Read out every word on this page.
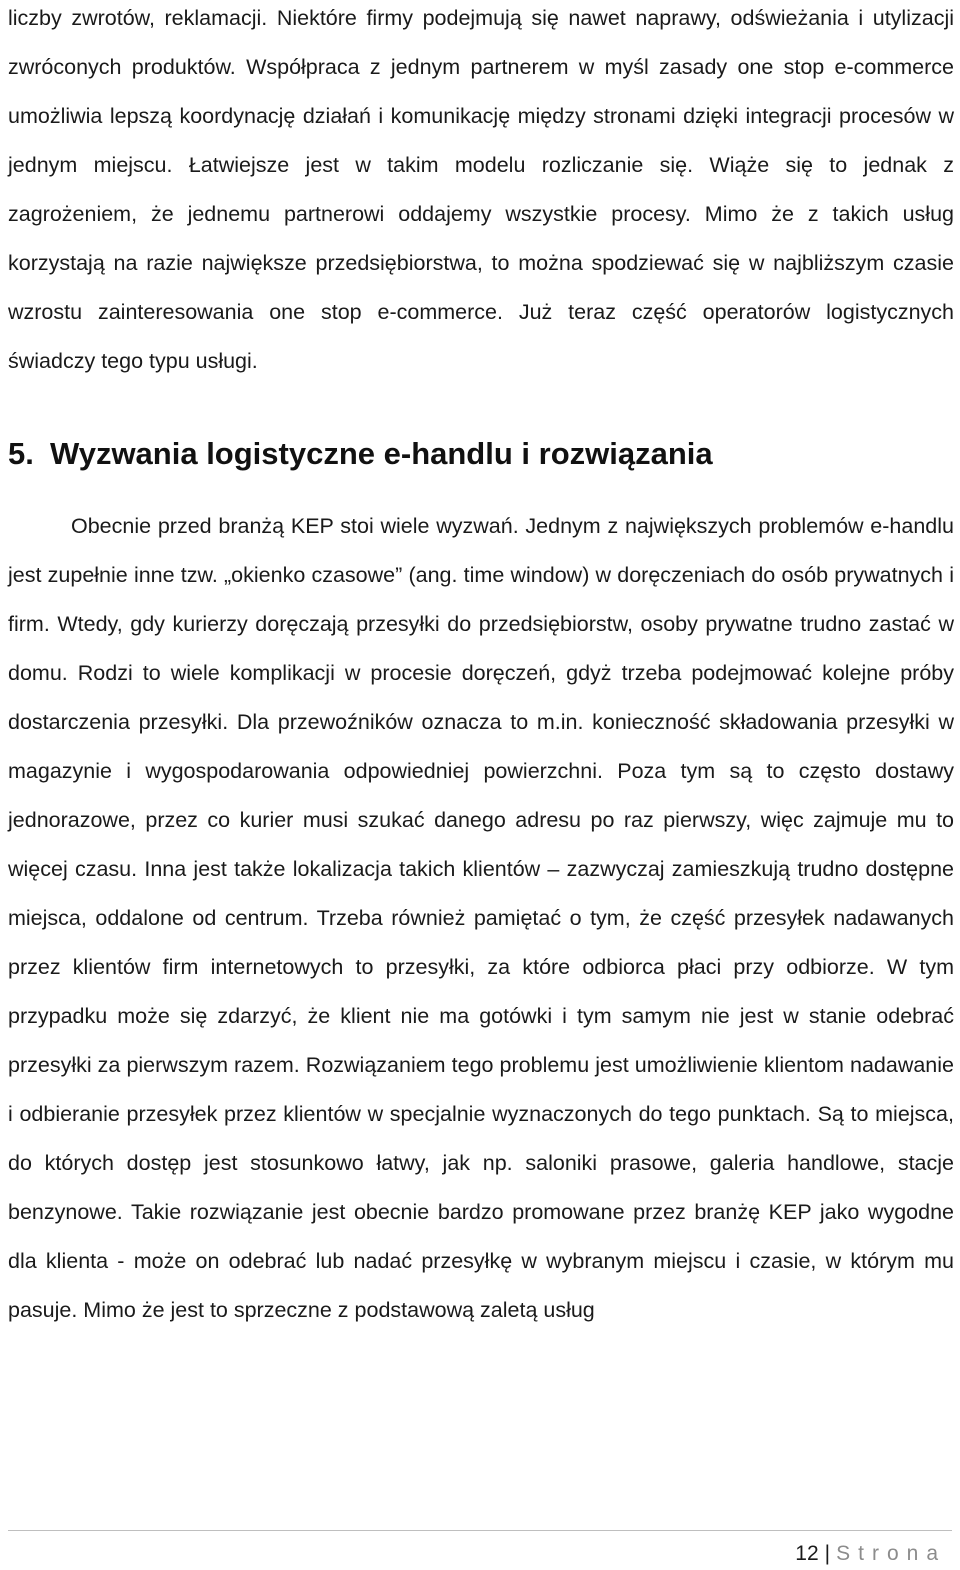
liczby zwrotów, reklamacji. Niektóre firmy podejmują się nawet naprawy, odświeżania i utylizacji zwróconych produktów. Współpraca z jednym partnerem w myśl zasady one stop e-commerce umożliwia lepszą koordynację działań i komunikację między stronami dzięki integracji procesów w jednym miejscu. Łatwiejsze jest w takim modelu rozliczanie się. Wiąże się to jednak z zagrożeniem, że jednemu partnerowi oddajemy wszystkie procesy. Mimo że z takich usług korzystają na razie największe przedsiębiorstwa, to można spodziewać się w najbliższym czasie wzrostu zainteresowania one stop e-commerce. Już teraz część operatorów logistycznych świadczy tego typu usługi.

5. Wyzwania logistyczne e-handlu i rozwiązania

Obecnie przed branżą KEP stoi wiele wyzwań. Jednym z największych problemów e-handlu jest zupełnie inne tzw. „okienko czasowe” (ang. time window) w doręczeniach do osób prywatnych i firm. Wtedy, gdy kurierzy doręczają przesyłki do przedsiębiorstw, osoby prywatne trudno zastać w domu. Rodzi to wiele komplikacji w procesie doręczeń, gdyż trzeba podejmować kolejne próby dostarczenia przesyłki. Dla przewoźników oznacza to m.in. konieczność składowania przesyłki w magazynie i wygospodarowania odpowiedniej powierzchni. Poza tym są to często dostawy jednorazowe, przez co kurier musi szukać danego adresu po raz pierwszy, więc zajmuje mu to więcej czasu. Inna jest także lokalizacja takich klientów – zazwyczaj zamieszkują trudno dostępne miejsca, oddalone od centrum. Trzeba również pamiętać o tym, że część przesyłek nadawanych przez klientów firm internetowych to przesyłki, za które odbiorca płaci przy odbiorze. W tym przypadku może się zdarzyć, że klient nie ma gotówki i tym samym nie jest w stanie odebrać przesyłki za pierwszym razem. Rozwiązaniem tego problemu jest umożliwienie klientom nadawanie i odbieranie przesyłek przez klientów w specjalnie wyznaczonych do tego punktach. Są to miejsca, do których dostęp jest stosunkowo łatwy, jak np. saloniki prasowe, galeria handlowe, stacje benzynowe. Takie rozwiązanie jest obecnie bardzo promowane przez branżę KEP jako wygodne dla klienta - może on odebrać lub nadać przesyłkę w wybranym miejscu i czasie, w którym mu pasuje. Mimo że jest to sprzeczne z podstawową zaletą usług

12 | Strona
